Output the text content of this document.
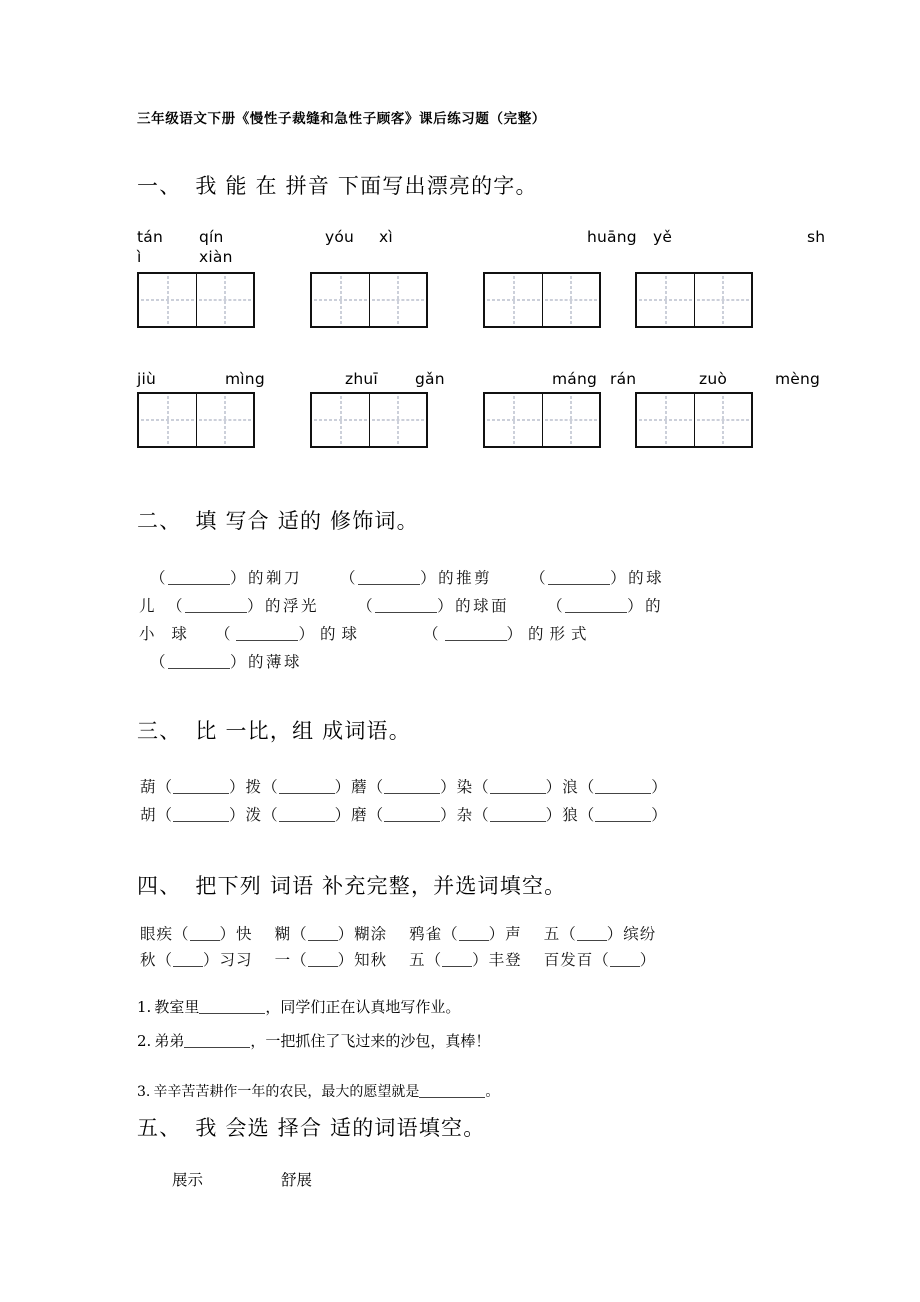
三年级语文下册《慢性子裁缝和急性子顾客》课后练习题（完整）
一、 我 能 在 拼音 下面写出漂亮的字。
tán qín	yóu xì	huāng yě	sh
ì	xiàn
jiù	mìng	zhuī gǎn	máng rán	zuò	mèng
二、 填 写合 适的 修饰词。
（	）的剃刀 （	）的推剪 （	）的球
儿 （	）的浮光 （	）的球面 （	）的
小 球 （	）的球	（	）的形式
（	）的薄球
三、 比 一比，组 成词语。
葫（	）拨（	）蘑（	）染（	）浪（	）
胡（	）泼（	）磨（	）杂（	）狼（	）
四、 把下列 词语 补充完整，并选词填空。
眼疾（ ）快 糊（ ）糊涂 鸦雀（ ）声 五（ ）缤纷
秋（ ）习习 一（ ）知秋 五（ ）丰登 百发百（ ）
1. 教室里	，同学们正在认真地写作业。
2. 弟弟	，一把抓住了飞过来的沙包，真棒！
3. 辛辛苦苦耕作一年的农民，最大的愿望就是	。
五、 我 会选 择合 适的词语填空。
展示	舒展
